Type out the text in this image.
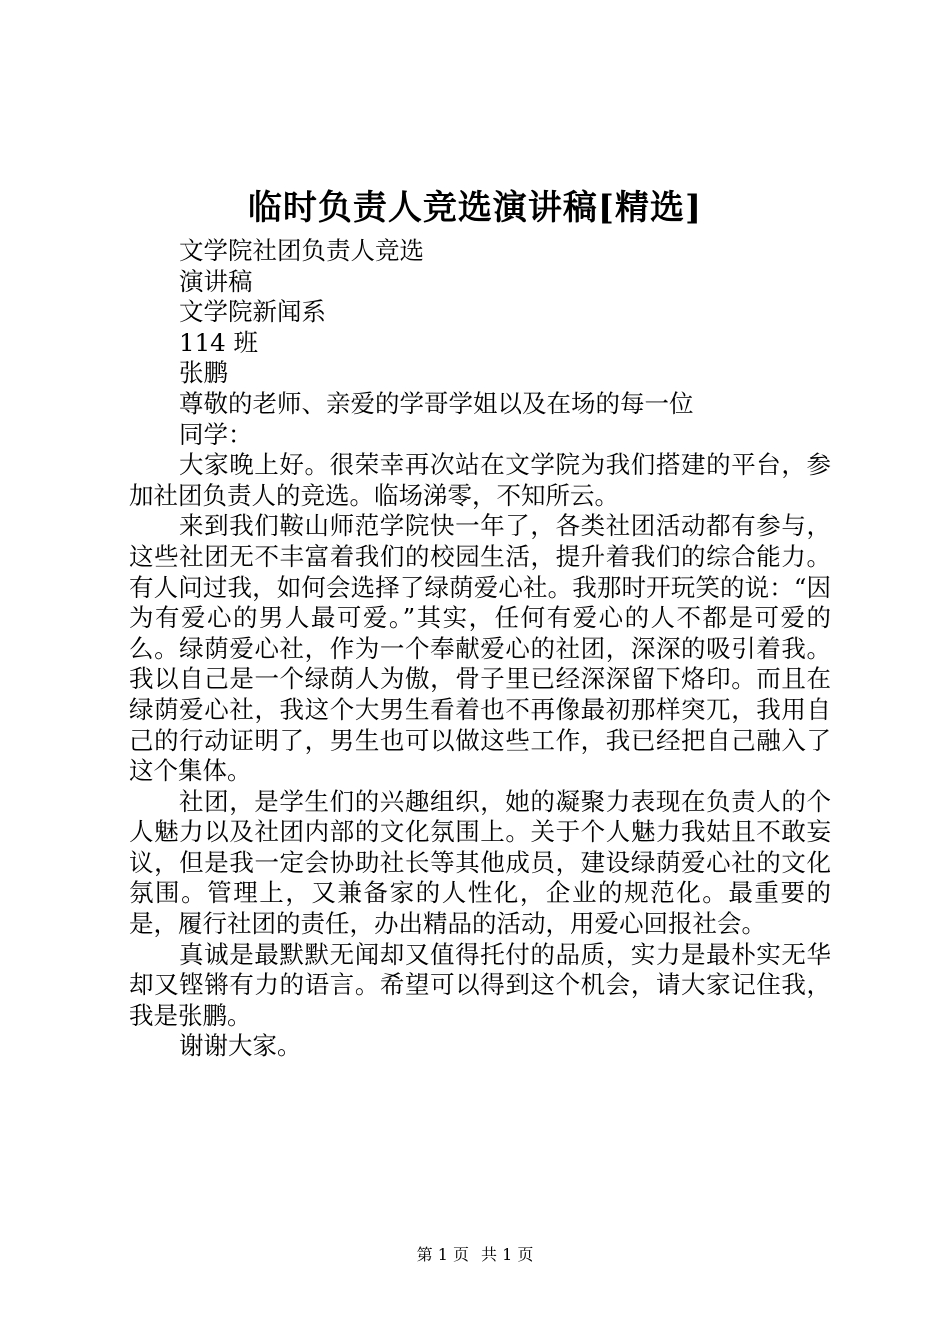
临时负责人竞选演讲稿[精选]
文学院社团负责人竞选
演讲稿
文学院新闻系
114 班
张鹏
尊敬的老师、亲爱的学哥学姐以及在场的每一位
同学：
大家晚上好。很荣幸再次站在文学院为我们搭建的平台，参加社团负责人的竞选。临场涕零，不知所云。
来到我们鞍山师范学院快一年了，各类社团活动都有参与，这些社团无不丰富着我们的校园生活，提升着我们的综合能力。有人问过我，如何会选择了绿荫爱心社。我那时开玩笑的说：“因为有爱心的男人最可爱。”其实，任何有爱心的人不都是可爱的么。绿荫爱心社，作为一个奉献爱心的社团，深深的吸引着我。我以自己是一个绿荫人为傲，骨子里已经深深留下烙印。而且在绿荫爱心社，我这个大男生看着也不再像最初那样突兀，我用自己的行动证明了，男生也可以做这些工作，我已经把自己融入了这个集体。
社团，是学生们的兴趣组织，她的凝聚力表现在负责人的个人魅力以及社团内部的文化氛围上。关于个人魅力我姑且不敢妄议，但是我一定会协助社长等其他成员，建设绿荫爱心社的文化氛围。管理上，又兼备家的人性化，企业的规范化。最重要的是，履行社团的责任，办出精品的活动，用爱心回报社会。
真诚是最默默无闻却又值得托付的品质，实力是最朴实无华却又铿锵有力的语言。希望可以得到这个机会，请大家记住我，我是张鹏。
谢谢大家。
第 1 页 共 1 页
